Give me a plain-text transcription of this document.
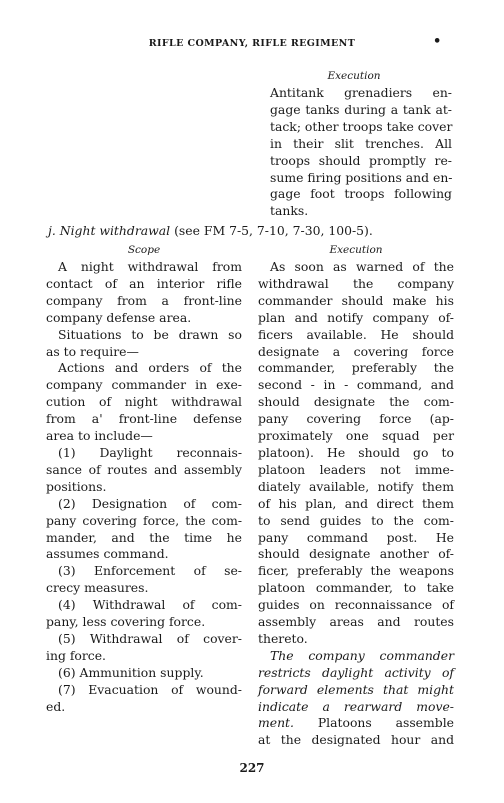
RIFLE COMPANY, RIFLE REGIMENT	•
Execution
Antitank grenadiers en-
gage tanks during a tank at-
tack; other troops take cover
in their slit trenches. All
troops should promptly re-
sume firing positions and en-
gage foot troops following
tanks.
j. Night withdrawal (see FM 7-5, 7-10, 7-30, 100-5).
Scope	Execution
A night withdrawal from
contact of an interior rifle
company from a front-line
company defense area.
Situations to be drawn so
as to require—
Actions and orders of the
company commander in exe-
cution of night withdrawal
from a' front-line defense
area to include—
(1) Daylight reconnais-
sance of routes and assembly
positions.
(2) Designation of com-
pany covering force, the com-
mander, and the time he
assumes command.
(3) Enforcement of se-
crecy measures.
(4) Withdrawal of com-
pany, less covering force.
(5) Withdrawal of cover-
ing force.
(6) Ammunition supply.
(7) Evacuation of wound-
ed.
As soon as warned of the
withdrawal the company
commander should make his
plan and notify company of-
ficers available. He should
designate a covering force
commander, preferably the
second - in - command, and
should designate the com-
pany covering force (ap-
proximately one squad per
platoon). He should go to
platoon leaders not imme-
diately available, notify them
of his plan, and direct them
to send guides to the com-
pany command post. He
should designate another of-
ficer, preferably the weapons
platoon commander, to take
guides on reconnaissance of
assembly areas and routes
thereto.
The company commander
restricts daylight activity of
forward elements that might
indicate a rearward move-
ment. Platoons assemble
at the designated hour and
227
